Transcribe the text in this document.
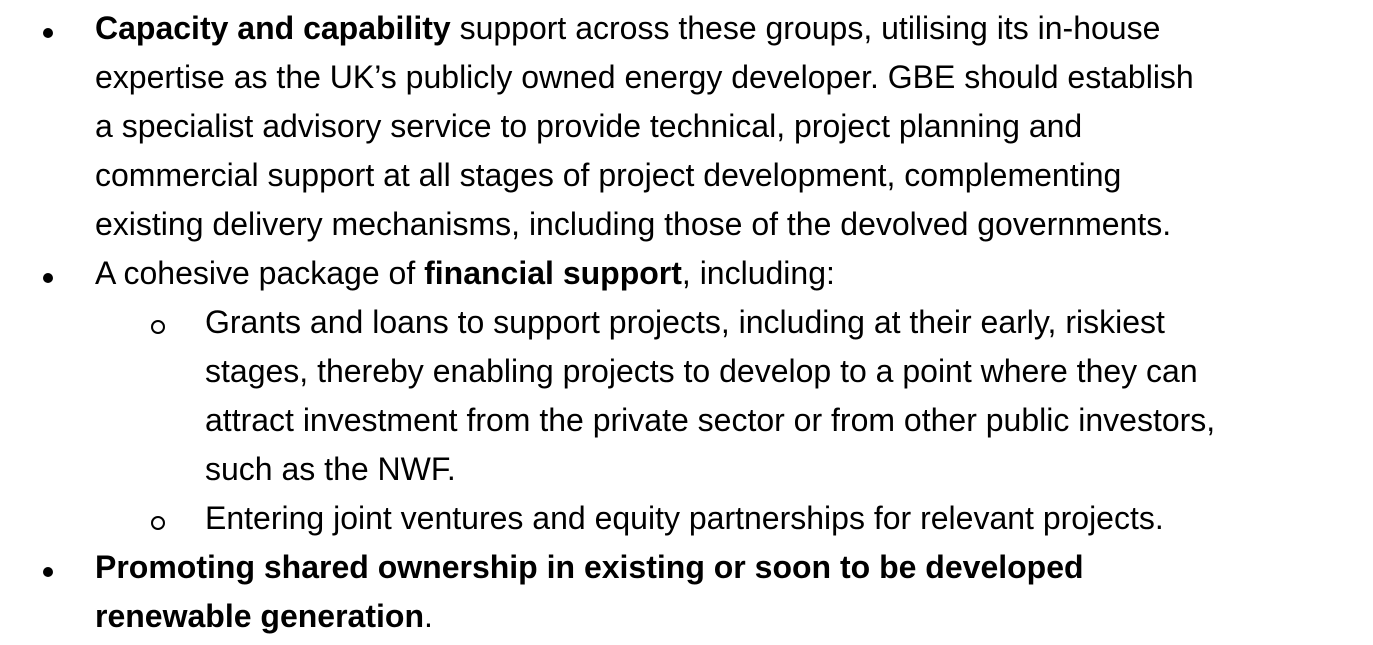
Capacity and capability support across these groups, utilising its in-house
expertise as the UK’s publicly owned energy developer. GBE should establish
a specialist advisory service to provide technical, project planning and
commercial support at all stages of project development, complementing
existing delivery mechanisms, including those of the devolved governments.
A cohesive package of financial support, including:
Grants and loans to support projects, including at their early, riskiest
stages, thereby enabling projects to develop to a point where they can
attract investment from the private sector or from other public investors,
such as the NWF.
Entering joint ventures and equity partnerships for relevant projects.
Promoting shared ownership in existing or soon to be developed
renewable generation.
